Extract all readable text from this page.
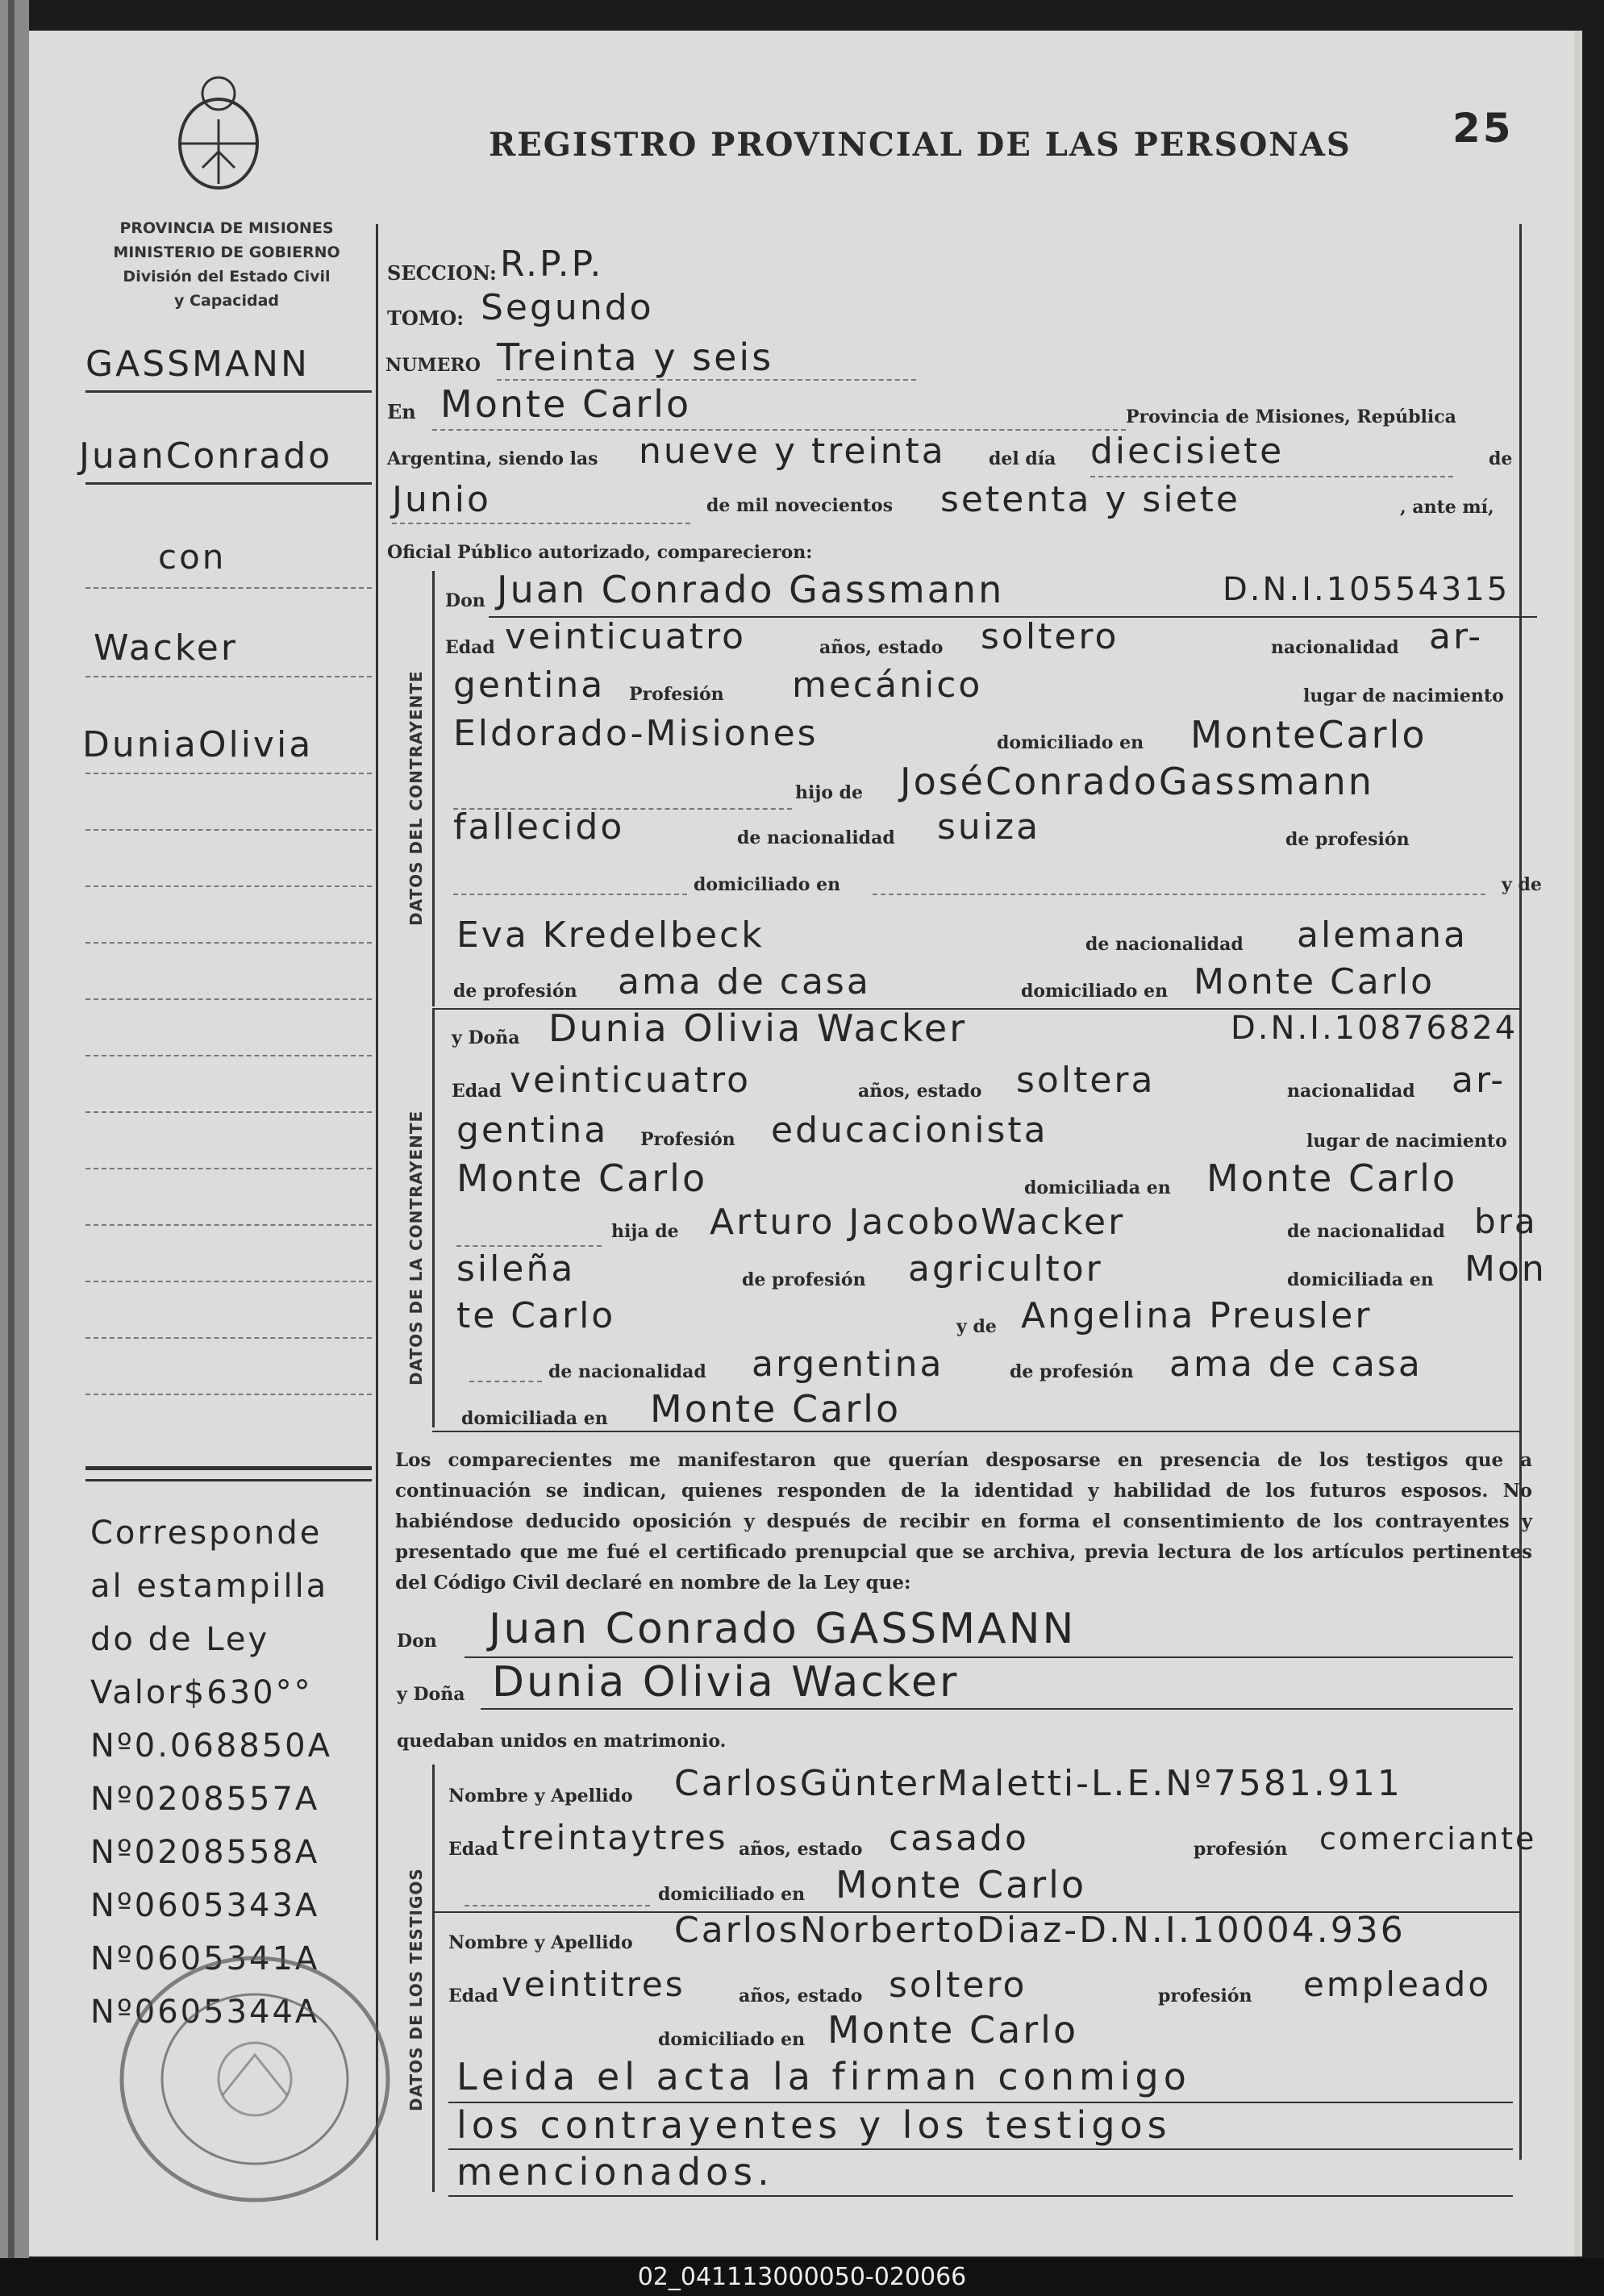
REGISTRO PROVINCIAL DE LAS PERSONAS	25
PROVINCIA DE MISIONES
MINISTERIO DE GOBIERNO
División del Estado Civil
y Capacidad
GASSMANN
JuanConrado
con
Wacker
DuniaOlivia
Corresponde
al estampilla
do de Ley
Valor$630°°
Nº0.068850A
Nº0208557A
Nº0208558A
Nº0605343A
Nº0605341A
Nº0605344A
SECCION: R.P.P.
TOMO: Segundo
NUMERO Treinta y seis
En Monte Carlo	Provincia de Misiones, República
Argentina, siendo las nueve y treinta del día diecisiete	de
Junio	de mil novecientos setenta y siete	, ante mí,
Oficial Público autorizado, comparecieron:
DATOS DEL CONTRAYENTE
Don Juan Conrado Gassmann	D.N.I.10554315
Edad veinticuatro	años, estado soltero	nacionalidad ar-
gentina Profesión mecánico	lugar de nacimiento
Eldorado-Misiones	domiciliado en MonteCarlo
hijo de JoséConradoGassmann
fallecido	de nacionalidad suiza	de profesión
domiciliado en	y de
Eva Kredelbeck	de nacionalidad alemana
de profesión ama de casa	domiciliado en Monte Carlo
DATOS DE LA CONTRAYENTE
y Doña Dunia Olivia Wacker	D.N.I.10876824
Edad veinticuatro	años, estado soltera	nacionalidad ar-
gentina Profesión educacionista	lugar de nacimiento
Monte Carlo	domiciliada en Monte Carlo
hija de Arturo JacoboWacker	de nacionalidad bra
sileña	de profesión agricultor	domiciliada en Mon
te Carlo	y de Angelina Preusler
de nacionalidad argentina	de profesión ama de casa
domiciliada en Monte Carlo
Los comparecientes me manifestaron que querían desposarse en presencia de los testigos que a continuación se indican, quienes responden de la identidad y habilidad de los futuros esposos. No habiéndose deducido oposición y después de recibir en forma el consentimiento de los contrayentes y presentado que me fué el certificado prenupcial que se archiva, previa lectura de los artículos pertinentes del Código Civil declaré en nombre de la Ley que:
Don Juan Conrado GASSMANN
y Doña Dunia Olivia Wacker
quedaban unidos en matrimonio.
DATOS DE LOS TESTIGOS
Nombre y Apellido CarlosGünterMaletti-L.E.Nº7581.911
Edad treintaytres años, estado casado	profesión comerciante
domiciliado en Monte Carlo
Nombre y Apellido CarlosNorbertoDiaz-D.N.I.10004.936
Edad veintitres	años, estado soltero	profesión empleado
domiciliado en Monte Carlo
Leida el acta la firman conmigo
los contrayentes y los testigos
mencionados.
02_041113000050-020066
